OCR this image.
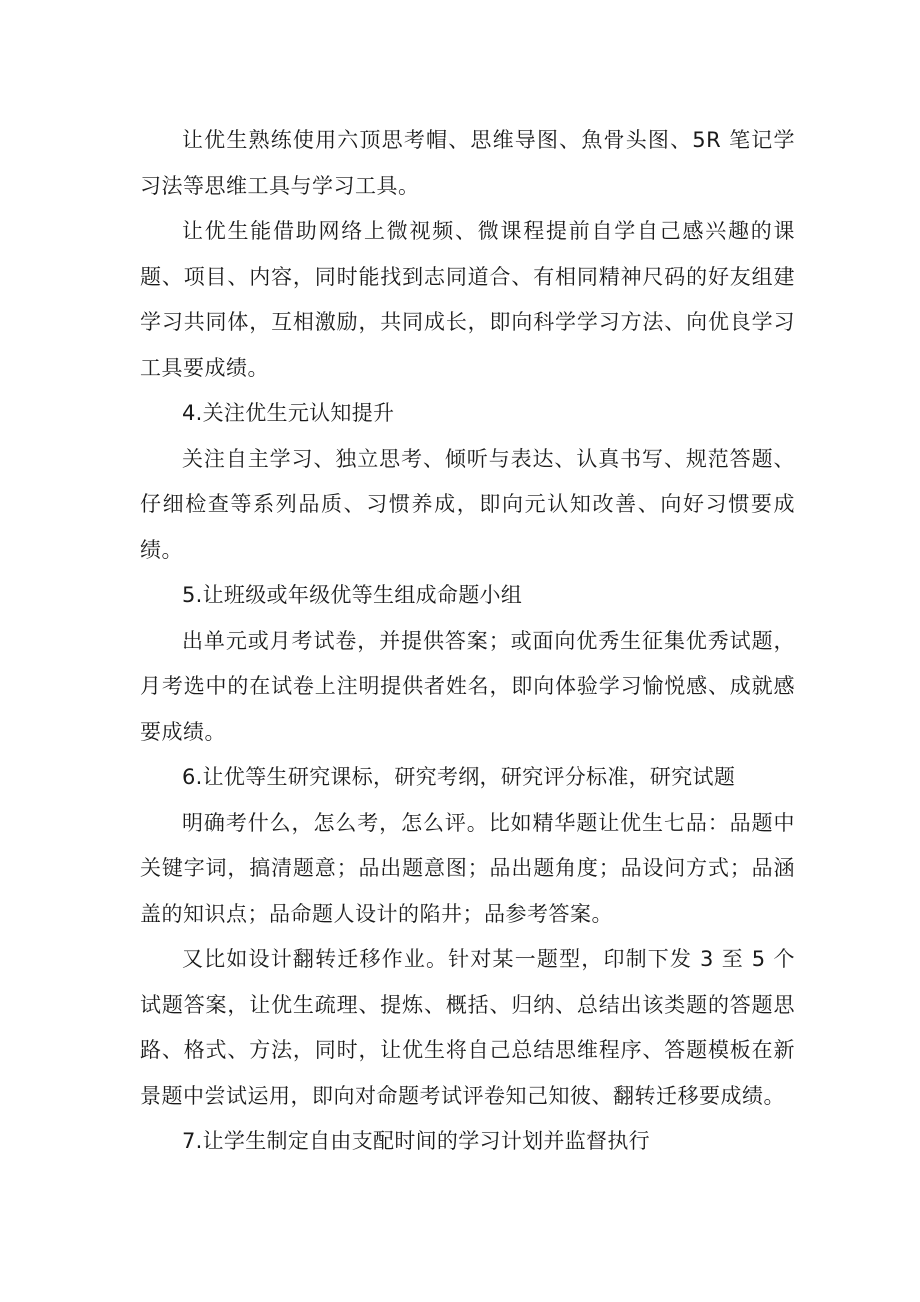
让优生熟练使用六顶思考帽、思维导图、魚骨头图、5R 笔记学习法等思维工具与学习工具。

让优生能借助网络上微视频、微课程提前自学自己感兴趣的课题、项目、内容，同时能找到志同道合、有相同精神尺码的好友组建学习共同体，互相激励，共同成长，即向科学学习方法、向优良学习工具要成绩。

4.关注优生元认知提升

关注自主学习、独立思考、倾听与表达、认真书写、规范答题、仔细检查等系列品质、习惯养成，即向元认知改善、向好习惯要成绩。

5.让班级或年级优等生组成命题小组

出单元或月考试卷，并提供答案；或面向优秀生征集优秀试题，月考选中的在试卷上注明提供者姓名，即向体验学习愉悦感、成就感要成绩。

6.让优等生研究课标，研究考纲，研究评分标准，研究试题

明确考什么，怎么考，怎么评。比如精华题让优生七品：品题中关键字词，搞清题意；品出题意图；品出题角度；品设问方式；品涵盖的知识点；品命题人设计的陷井；品参考答案。

又比如设计翻转迁移作业。针对某一题型，印制下发 3 至 5 个试题答案，让优生疏理、提炼、概括、归纳、总结出该类题的答题思路、格式、方法，同时，让优生将自己总结思维程序、答题模板在新景题中尝试运用，即向对命题考试评卷知己知彼、翻转迁移要成绩。

7.让学生制定自由支配时间的学习计划并监督执行
